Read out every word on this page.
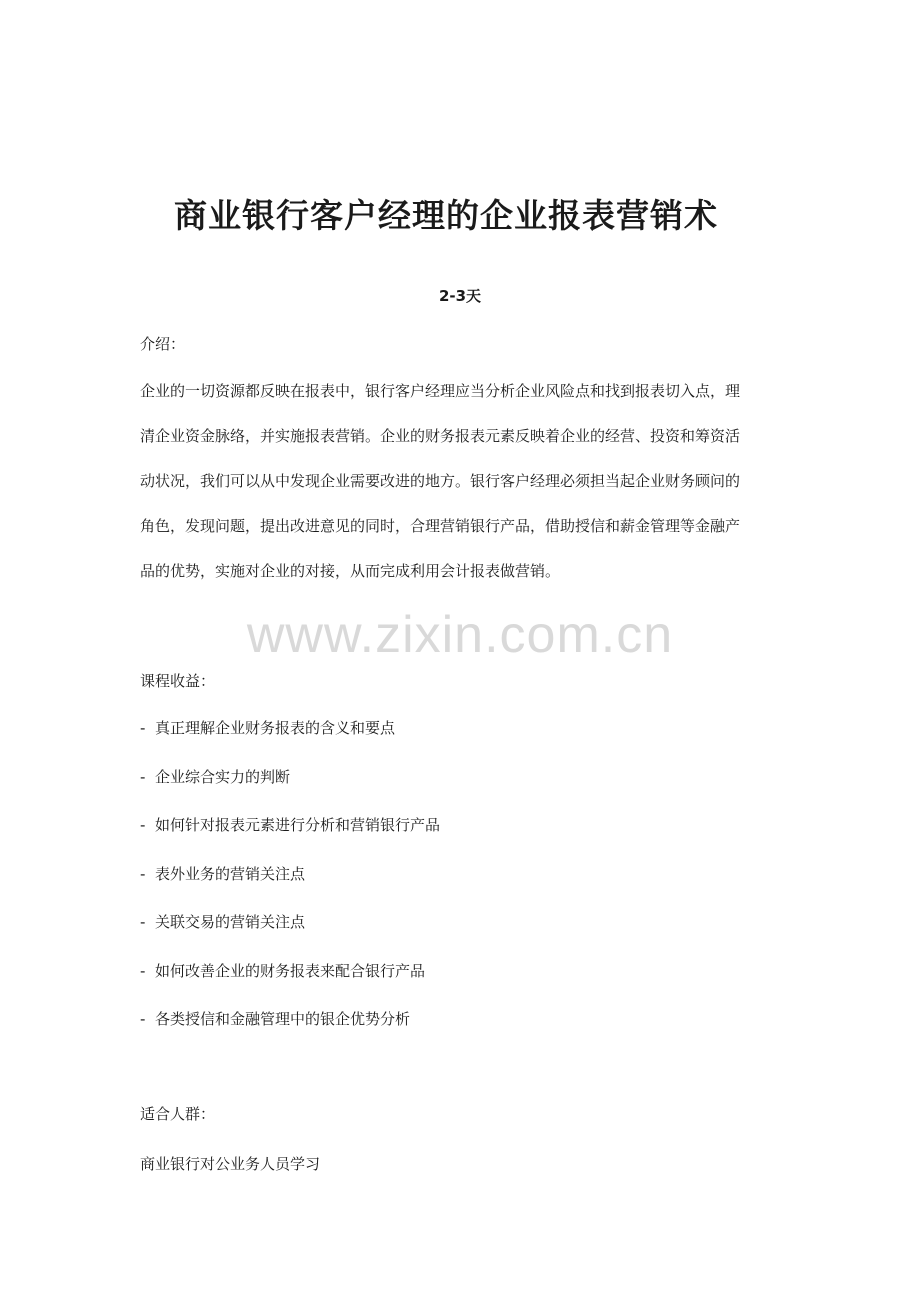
商业银行客户经理的企业报表营销术
2-3天
介绍：

企业的一切资源都反映在报表中，银行客户经理应当分析企业风险点和找到报表切入点，理

清企业资金脉络，并实施报表营销。企业的财务报表元素反映着企业的经营、投资和筹资活

动状况，我们可以从中发现企业需要改进的地方。银行客户经理必须担当起企业财务顾问的

角色，发现问题，提出改进意见的同时，合理营销银行产品，借助授信和薪金管理等金融产

品的优势，实施对企业的对接，从而完成利用会计报表做营销。

www.zixin.com.cn
课程收益：
- 真正理解企业财务报表的含义和要点
- 企业综合实力的判断
- 如何针对报表元素进行分析和营销银行产品
- 表外业务的营销关注点
- 关联交易的营销关注点
- 如何改善企业的财务报表来配合银行产品
- 各类授信和金融管理中的银企优势分析
适合人群：
商业银行对公业务人员学习
